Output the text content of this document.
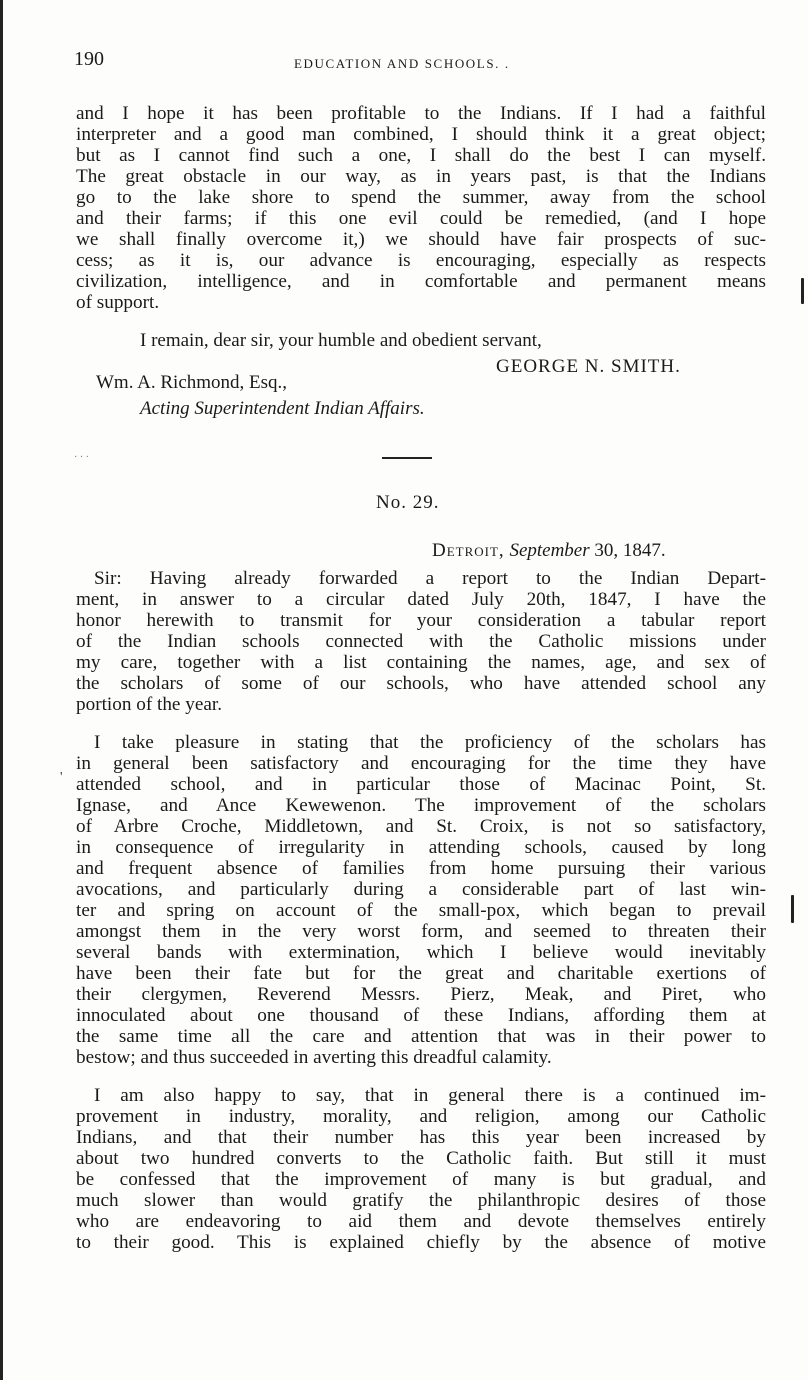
190	EDUCATION AND SCHOOLS. .
and I hope it has been profitable to the Indians. If I had a faithful
interpreter and a good man combined, I should think it a great object;
but as I cannot find such a one, I shall do the best I can myself.
The great obstacle in our way, as in years past, is that the Indians
go to the lake shore to spend the summer, away from the school
and their farms; if this one evil could be remedied, (and I hope
we shall finally overcome it,) we should have fair prospects of suc-
cess; as it is, our advance is encouraging, especially as respects
civilization, intelligence, and in comfortable and permanent means
of support.
I remain, dear sir, your humble and obedient servant,
GEORGE N. SMITH.
Wm. A. Richmond, Esq.,
Acting Superintendent Indian Affairs.
· · ·
No. 29.
Detroit, September 30, 1847.
Sir: Having already forwarded a report to the Indian Depart-
ment, in answer to a circular dated July 20th, 1847, I have the
honor herewith to transmit for your consideration a tabular report
of the Indian schools connected with the Catholic missions under
my care, together with a list containing the names, age, and sex of
the scholars of some of our schools, who have attended school any
portion of the year.
I take pleasure in stating that the proficiency of the scholars has
in general been satisfactory and encouraging for the time they have
attended school, and in particular those of Macinac Point, St.
Ignase, and Ance Kewewenon. The improvement of the scholars
of Arbre Croche, Middletown, and St. Croix, is not so satisfactory,
in consequence of irregularity in attending schools, caused by long
and frequent absence of families from home pursuing their various
avocations, and particularly during a considerable part of last win-
ter and spring on account of the small-pox, which began to prevail
amongst them in the very worst form, and seemed to threaten their
several bands with extermination, which I believe would inevitably
have been their fate but for the great and charitable exertions of
their clergymen, Reverend Messrs. Pierz, Meak, and Piret, who
innoculated about one thousand of these Indians, affording them at
the same time all the care and attention that was in their power to
bestow; and thus succeeded in averting this dreadful calamity.
I am also happy to say, that in general there is a continued im-
provement in industry, morality, and religion, among our Catholic
Indians, and that their number has this year been increased by
about two hundred converts to the Catholic faith. But still it must
be confessed that the improvement of many is but gradual, and
much slower than would gratify the philanthropic desires of those
who are endeavoring to aid them and devote themselves entirely
to their good. This is explained chiefly by the absence of motive
'
